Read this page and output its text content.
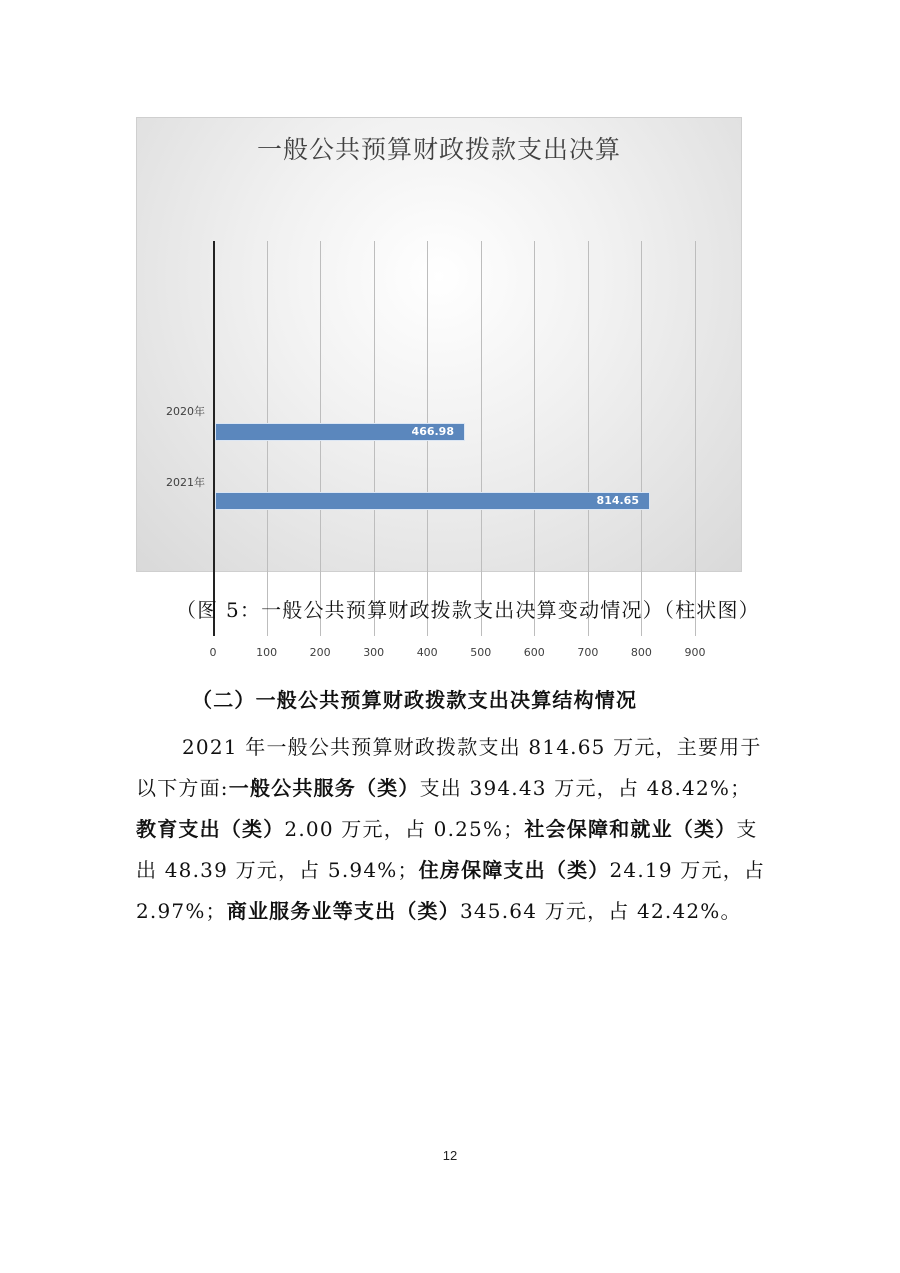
一般公共预算财政拨款支出决算
2020年
466.98
2021年
814.65
0	100	200	300	400	500	600	700	800	900
（图 5：一般公共预算财政拨款支出决算变动情况）（柱状图）
（二）一般公共预算财政拨款支出决算结构情况
2021 年一般公共预算财政拨款支出 814.65 万元，主要用于以下方面:一般公共服务（类）支出 394.43 万元，占 48.42%；教育支出（类）2.00 万元，占 0.25%；社会保障和就业（类）支出 48.39 万元，占 5.94%；住房保障支出（类）24.19 万元，占 2.97%；商业服务业等支出（类）345.64 万元，占 42.42%。
12
